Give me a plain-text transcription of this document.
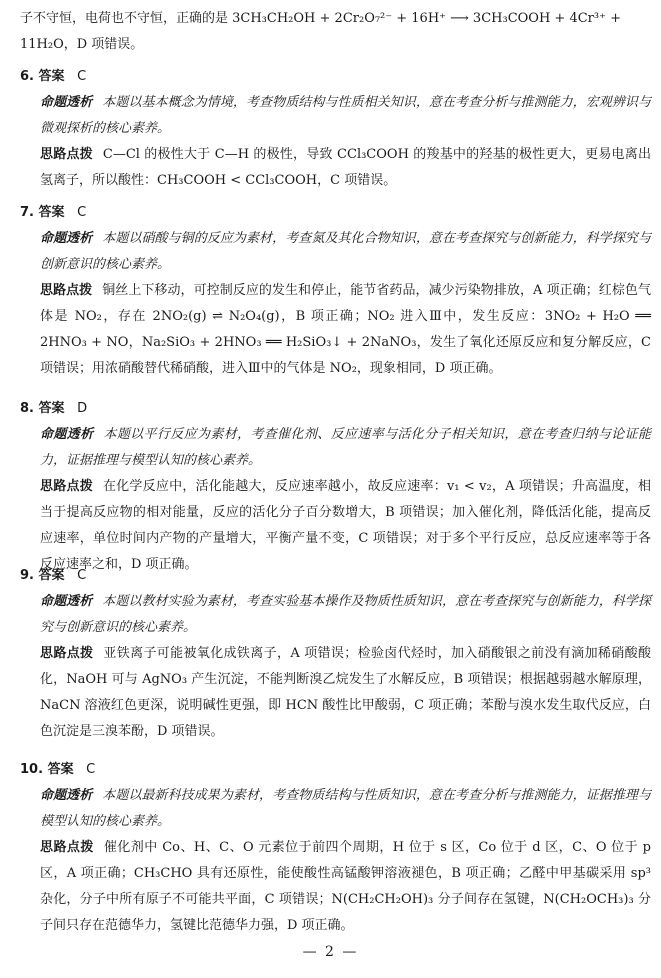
子不守恒，电荷也不守恒，正确的是 3CH₃CH₂OH + 2Cr₂O₇²⁻ + 16H⁺ ⟶ 3CH₃COOH + 4Cr³⁺ + 11H₂O，D 项错误。
6. 答案 C
命题透析 本题以基本概念为情境，考查物质结构与性质相关知识，意在考查分析与推测能力，宏观辨识与微观探析的核心素养。
思路点拨 C—Cl 的极性大于 C—H 的极性，导致 CCl₃COOH 的羧基中的羟基的极性更大，更易电离出氢离子，所以酸性：CH₃COOH < CCl₃COOH，C 项错误。
7. 答案 C
命题透析 本题以硝酸与铜的反应为素材，考查氮及其化合物知识，意在考查探究与创新能力，科学探究与创新意识的核心素养。
思路点拨 铜丝上下移动，可控制反应的发生和停止，能节省药品，减少污染物排放，A 项正确；红棕色气体是 NO₂，存在 2NO₂(g) ⇌ N₂O₄(g)，B 项正确；NO₂ 进入Ⅲ中，发生反应：3NO₂ + H₂O ══ 2HNO₃ + NO，Na₂SiO₃ + 2HNO₃ ══ H₂SiO₃↓ + 2NaNO₃，发生了氧化还原反应和复分解反应，C 项错误；用浓硝酸替代稀硝酸，进入Ⅲ中的气体是 NO₂，现象相同，D 项正确。
8. 答案 D
命题透析 本题以平行反应为素材，考查催化剂、反应速率与活化分子相关知识，意在考查归纳与论证能力，证据推理与模型认知的核心素养。
思路点拨 在化学反应中，活化能越大，反应速率越小，故反应速率：v₁ < v₂，A 项错误；升高温度，相当于提高反应物的相对能量，反应的活化分子百分数增大，B 项错误；加入催化剂，降低活化能，提高反应速率，单位时间内产物的产量增大，平衡产量不变，C 项错误；对于多个平行反应，总反应速率等于各反应速率之和，D 项正确。
9. 答案 C
命题透析 本题以教材实验为素材，考查实验基本操作及物质性质知识，意在考查探究与创新能力，科学探究与创新意识的核心素养。
思路点拨 亚铁离子可能被氧化成铁离子，A 项错误；检验卤代烃时，加入硝酸银之前没有滴加稀硝酸酸化，NaOH 可与 AgNO₃ 产生沉淀，不能判断溴乙烷发生了水解反应，B 项错误；根据越弱越水解原理，NaCN 溶液红色更深，说明碱性更强，即 HCN 酸性比甲酸弱，C 项正确；苯酚与溴水发生取代反应，白色沉淀是三溴苯酚，D 项错误。
10. 答案 C
命题透析 本题以最新科技成果为素材，考查物质结构与性质知识，意在考查分析与推测能力，证据推理与模型认知的核心素养。
思路点拨 催化剂中 Co、H、C、O 元素位于前四个周期，H 位于 s 区，Co 位于 d 区，C、O 位于 p 区，A 项正确；CH₃CHO 具有还原性，能使酸性高锰酸钾溶液褪色，B 项正确；乙醛中甲基碳采用 sp³ 杂化，分子中所有原子不可能共平面，C 项错误；N(CH₂CH₂OH)₃ 分子间存在氢键，N(CH₂OCH₃)₃ 分子间只存在范德华力，氢键比范德华力强，D 项正确。
— 2 —
